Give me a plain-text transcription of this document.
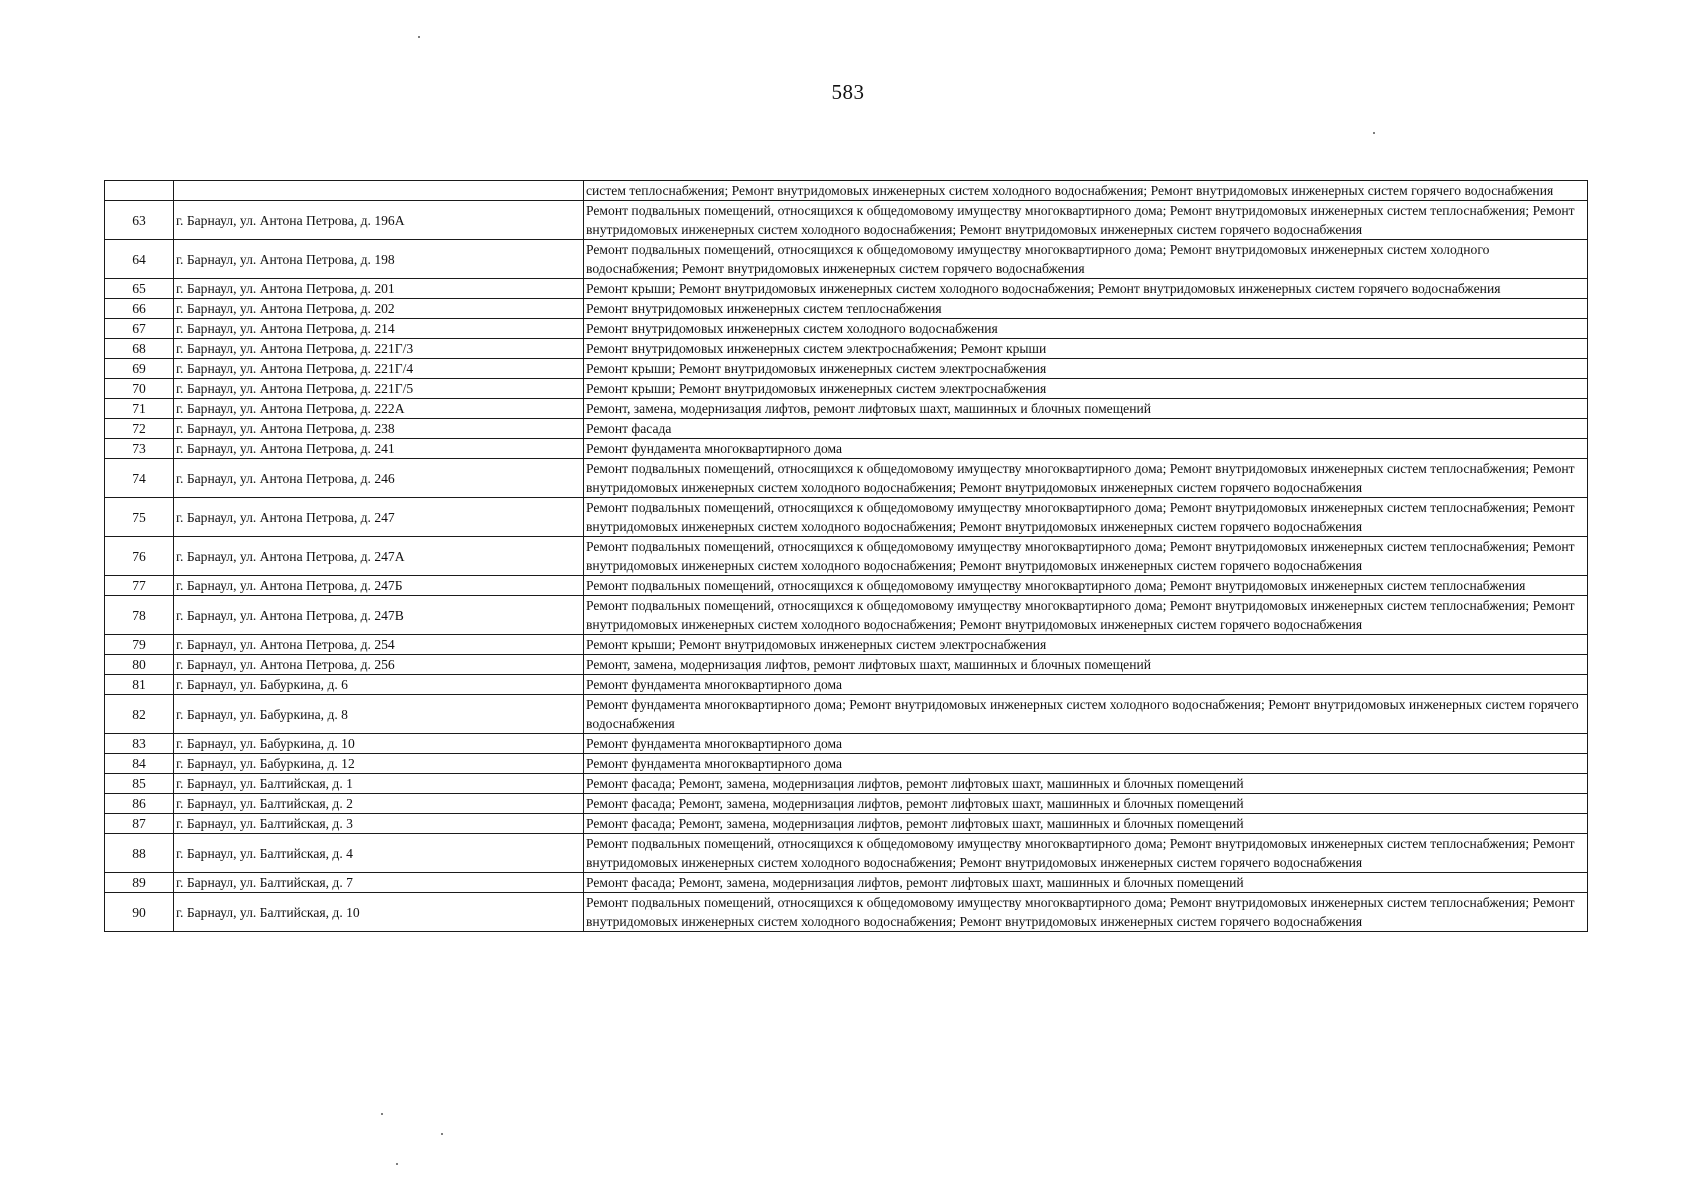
583
		систем теплоснабжения; Ремонт внутридомовых инженерных систем холодного водоснабжения; Ремонт внутридомовых инженерных систем горячего водоснабжения
63	г. Барнаул, ул. Антона Петрова, д. 196А	Ремонт подвальных помещений, относящихся к общедомовому имуществу многоквартирного дома; Ремонт внутридомовых инженерных систем теплоснабжения; Ремонт внутридомовых инженерных систем холодного водоснабжения; Ремонт внутридомовых инженерных систем горячего водоснабжения
64	г. Барнаул, ул. Антона Петрова, д. 198	Ремонт подвальных помещений, относящихся к общедомовому имуществу многоквартирного дома; Ремонт внутридомовых инженерных систем холодного водоснабжения; Ремонт внутридомовых инженерных систем горячего водоснабжения
65	г. Барнаул, ул. Антона Петрова, д. 201	Ремонт крыши; Ремонт внутридомовых инженерных систем холодного водоснабжения; Ремонт внутридомовых инженерных систем горячего водоснабжения
66	г. Барнаул, ул. Антона Петрова, д. 202	Ремонт внутридомовых инженерных систем теплоснабжения
67	г. Барнаул, ул. Антона Петрова, д. 214	Ремонт внутридомовых инженерных систем холодного водоснабжения
68	г. Барнаул, ул. Антона Петрова, д. 221Г/3	Ремонт внутридомовых инженерных систем электроснабжения; Ремонт крыши
69	г. Барнаул, ул. Антона Петрова, д. 221Г/4	Ремонт крыши; Ремонт внутридомовых инженерных систем электроснабжения
70	г. Барнаул, ул. Антона Петрова, д. 221Г/5	Ремонт крыши; Ремонт внутридомовых инженерных систем электроснабжения
71	г. Барнаул, ул. Антона Петрова, д. 222А	Ремонт, замена, модернизация лифтов, ремонт лифтовых шахт, машинных и блочных помещений
72	г. Барнаул, ул. Антона Петрова, д. 238	Ремонт фасада
73	г. Барнаул, ул. Антона Петрова, д. 241	Ремонт фундамента многоквартирного дома
74	г. Барнаул, ул. Антона Петрова, д. 246	Ремонт подвальных помещений, относящихся к общедомовому имуществу многоквартирного дома; Ремонт внутридомовых инженерных систем теплоснабжения; Ремонт внутридомовых инженерных систем холодного водоснабжения; Ремонт внутридомовых инженерных систем горячего водоснабжения
75	г. Барнаул, ул. Антона Петрова, д. 247	Ремонт подвальных помещений, относящихся к общедомовому имуществу многоквартирного дома; Ремонт внутридомовых инженерных систем теплоснабжения; Ремонт внутридомовых инженерных систем холодного водоснабжения; Ремонт внутридомовых инженерных систем горячего водоснабжения
76	г. Барнаул, ул. Антона Петрова, д. 247А	Ремонт подвальных помещений, относящихся к общедомовому имуществу многоквартирного дома; Ремонт внутридомовых инженерных систем теплоснабжения; Ремонт внутридомовых инженерных систем холодного водоснабжения; Ремонт внутридомовых инженерных систем горячего водоснабжения
77	г. Барнаул, ул. Антона Петрова, д. 247Б	Ремонт подвальных помещений, относящихся к общедомовому имуществу многоквартирного дома; Ремонт внутридомовых инженерных систем теплоснабжения
78	г. Барнаул, ул. Антона Петрова, д. 247В	Ремонт подвальных помещений, относящихся к общедомовому имуществу многоквартирного дома; Ремонт внутридомовых инженерных систем теплоснабжения; Ремонт внутридомовых инженерных систем холодного водоснабжения; Ремонт внутридомовых инженерных систем горячего водоснабжения
79	г. Барнаул, ул. Антона Петрова, д. 254	Ремонт крыши; Ремонт внутридомовых инженерных систем электроснабжения
80	г. Барнаул, ул. Антона Петрова, д. 256	Ремонт, замена, модернизация лифтов, ремонт лифтовых шахт, машинных и блочных помещений
81	г. Барнаул, ул. Бабуркина, д. 6	Ремонт фундамента многоквартирного дома
82	г. Барнаул, ул. Бабуркина, д. 8	Ремонт фундамента многоквартирного дома; Ремонт внутридомовых инженерных систем холодного водоснабжения; Ремонт внутридомовых инженерных систем горячего водоснабжения
83	г. Барнаул, ул. Бабуркина, д. 10	Ремонт фундамента многоквартирного дома
84	г. Барнаул, ул. Бабуркина, д. 12	Ремонт фундамента многоквартирного дома
85	г. Барнаул, ул. Балтийская, д. 1	Ремонт фасада; Ремонт, замена, модернизация лифтов, ремонт лифтовых шахт, машинных и блочных помещений
86	г. Барнаул, ул. Балтийская, д. 2	Ремонт фасада; Ремонт, замена, модернизация лифтов, ремонт лифтовых шахт, машинных и блочных помещений
87	г. Барнаул, ул. Балтийская, д. 3	Ремонт фасада; Ремонт, замена, модернизация лифтов, ремонт лифтовых шахт, машинных и блочных помещений
88	г. Барнаул, ул. Балтийская, д. 4	Ремонт подвальных помещений, относящихся к общедомовому имуществу многоквартирного дома; Ремонт внутридомовых инженерных систем теплоснабжения; Ремонт внутридомовых инженерных систем холодного водоснабжения; Ремонт внутридомовых инженерных систем горячего водоснабжения
89	г. Барнаул, ул. Балтийская, д. 7	Ремонт фасада; Ремонт, замена, модернизация лифтов, ремонт лифтовых шахт, машинных и блочных помещений
90	г. Барнаул, ул. Балтийская, д. 10	Ремонт подвальных помещений, относящихся к общедомовому имуществу многоквартирного дома; Ремонт внутридомовых инженерных систем теплоснабжения; Ремонт внутридомовых инженерных систем холодного водоснабжения; Ремонт внутридомовых инженерных систем горячего водоснабжения
